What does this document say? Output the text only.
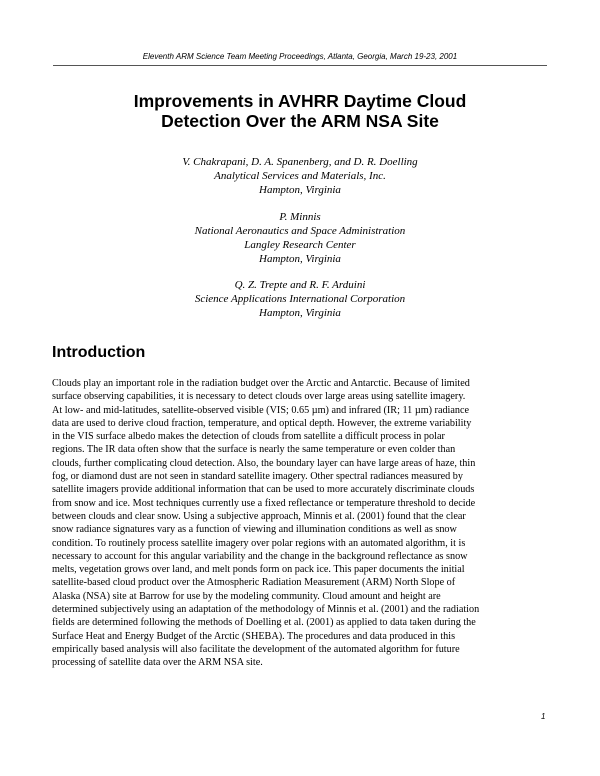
Eleventh ARM Science Team Meeting Proceedings, Atlanta, Georgia, March 19-23, 2001
Improvements in AVHRR Daytime Cloud
Detection Over the ARM NSA Site
V. Chakrapani, D. A. Spanenberg, and D. R. Doelling
Analytical Services and Materials, Inc.
Hampton, Virginia
P. Minnis
National Aeronautics and Space Administration
Langley Research Center
Hampton, Virginia
Q. Z. Trepte and R. F. Arduini
Science Applications International Corporation
Hampton, Virginia
Introduction
Clouds play an important role in the radiation budget over the Arctic and Antarctic. Because of limited
surface observing capabilities, it is necessary to detect clouds over large areas using satellite imagery.
At low- and mid-latitudes, satellite-observed visible (VIS; 0.65 µm) and infrared (IR; 11 µm) radiance
data are used to derive cloud fraction, temperature, and optical depth. However, the extreme variability
in the VIS surface albedo makes the detection of clouds from satellite a difficult process in polar
regions. The IR data often show that the surface is nearly the same temperature or even colder than
clouds, further complicating cloud detection. Also, the boundary layer can have large areas of haze, thin
fog, or diamond dust are not seen in standard satellite imagery. Other spectral radiances measured by
satellite imagers provide additional information that can be used to more accurately discriminate clouds
from snow and ice. Most techniques currently use a fixed reflectance or temperature threshold to decide
between clouds and clear snow. Using a subjective approach, Minnis et al. (2001) found that the clear
snow radiance signatures vary as a function of viewing and illumination conditions as well as snow
condition. To routinely process satellite imagery over polar regions with an automated algorithm, it is
necessary to account for this angular variability and the change in the background reflectance as snow
melts, vegetation grows over land, and melt ponds form on pack ice. This paper documents the initial
satellite-based cloud product over the Atmospheric Radiation Measurement (ARM) North Slope of
Alaska (NSA) site at Barrow for use by the modeling community. Cloud amount and height are
determined subjectively using an adaptation of the methodology of Minnis et al. (2001) and the radiation
fields are determined following the methods of Doelling et al. (2001) as applied to data taken during the
Surface Heat and Energy Budget of the Arctic (SHEBA). The procedures and data produced in this
empirically based analysis will also facilitate the development of the automated algorithm for future
processing of satellite data over the ARM NSA site.
1
